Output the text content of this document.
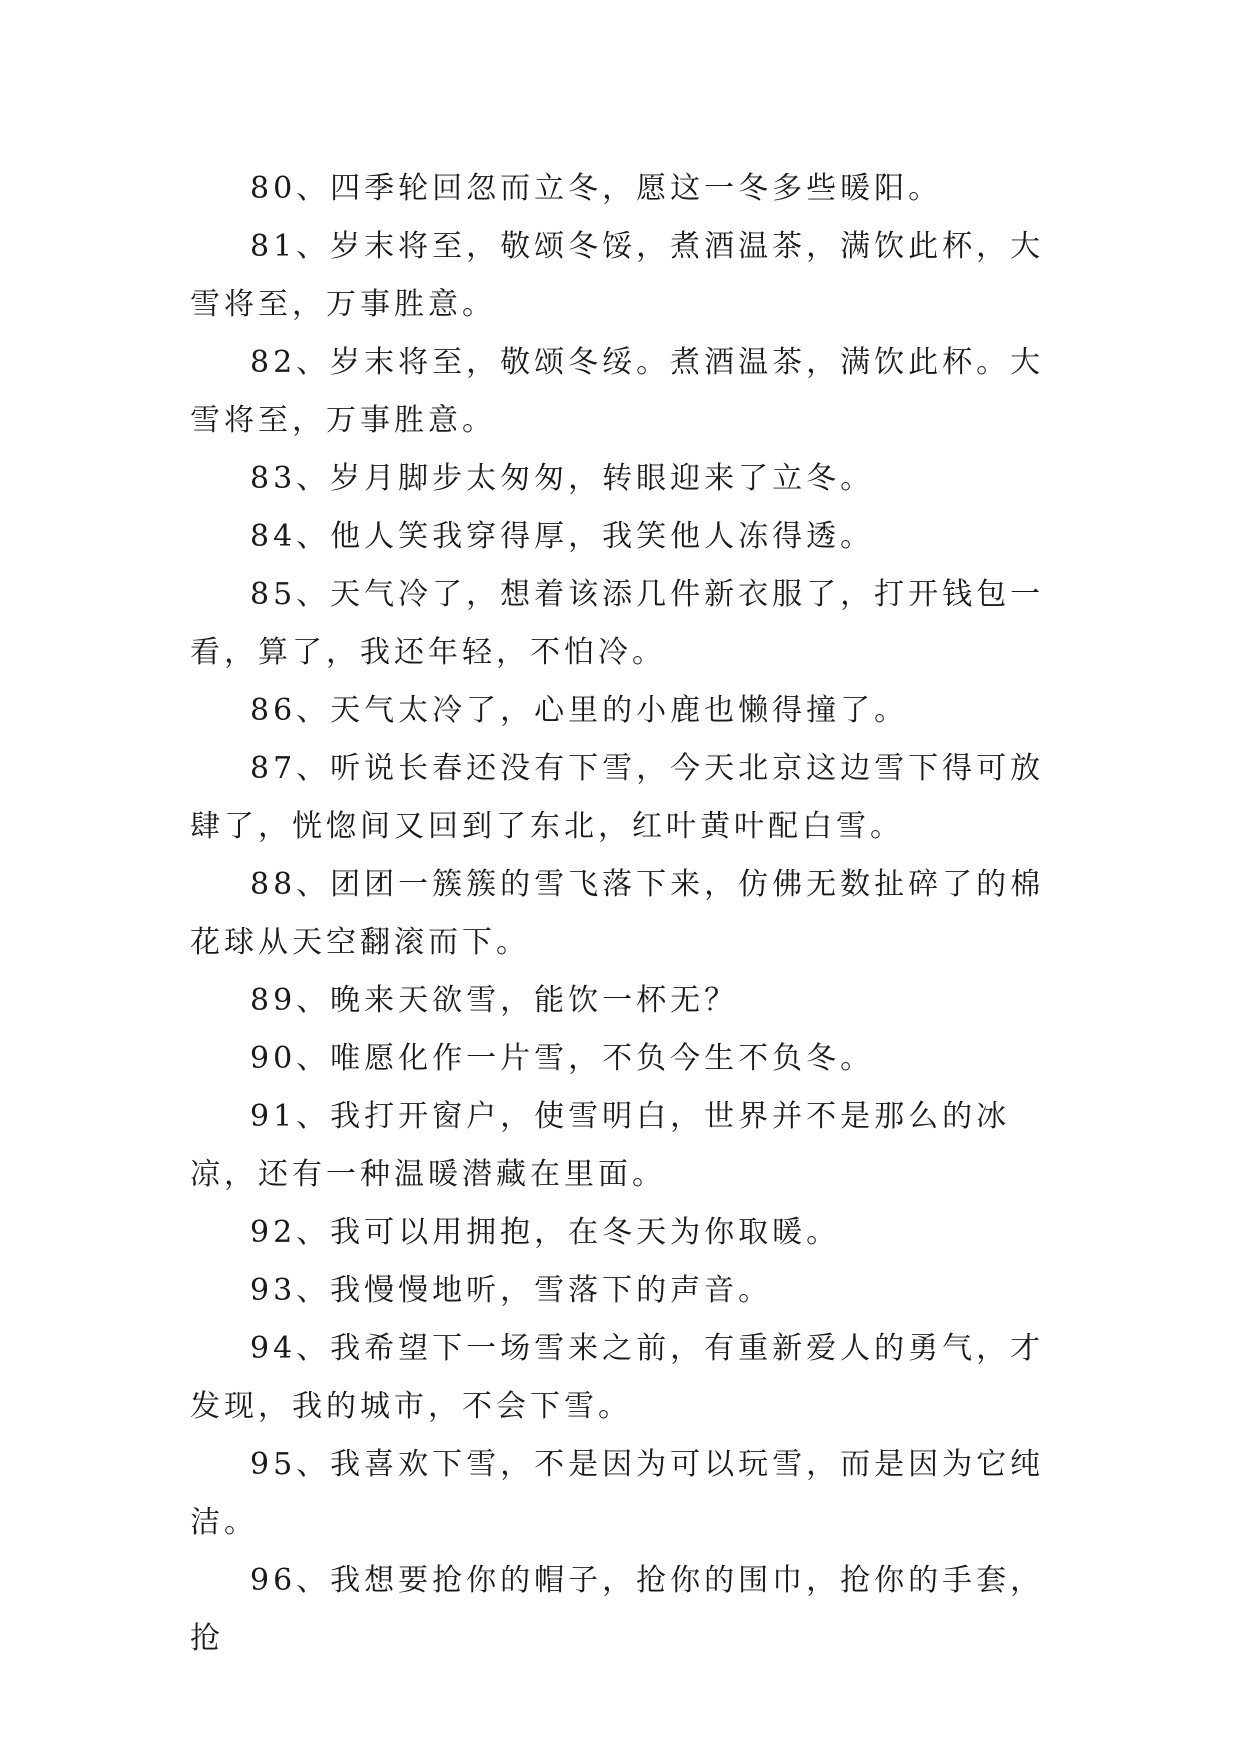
80、四季轮回忽而立冬，愿这一冬多些暖阳。

81、岁末将至，敬颂冬馁，煮酒温茶，满饮此杯，大雪将至，万事胜意。

82、岁末将至，敬颂冬绥。煮酒温茶，满饮此杯。大雪将至，万事胜意。

83、岁月脚步太匆匆，转眼迎来了立冬。

84、他人笑我穿得厚，我笑他人冻得透。

85、天气冷了，想着该添几件新衣服了，打开钱包一看，算了，我还年轻，不怕冷。

86、天气太冷了，心里的小鹿也懒得撞了。

87、听说长春还没有下雪，今天北京这边雪下得可放肆了，恍惚间又回到了东北，红叶黄叶配白雪。

88、团团一簇簇的雪飞落下来，仿佛无数扯碎了的棉花球从天空翻滚而下。

89、晚来天欲雪，能饮一杯无？

90、唯愿化作一片雪，不负今生不负冬。

91、我打开窗户，使雪明白，世界并不是那么的冰凉，还有一种温暖潜藏在里面。

92、我可以用拥抱，在冬天为你取暖。

93、我慢慢地听，雪落下的声音。

94、我希望下一场雪来之前，有重新爱人的勇气，才发现，我的城市，不会下雪。

95、我喜欢下雪，不是因为可以玩雪，而是因为它纯洁。

96、我想要抢你的帽子，抢你的围巾，抢你的手套，抢
